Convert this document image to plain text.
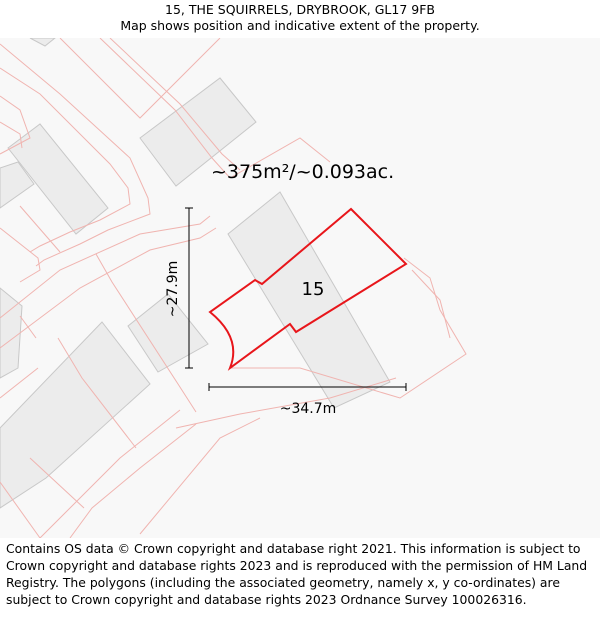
15, THE SQUIRRELS, DRYBROOK, GL17 9FB
Map shows position and indicative extent of the property.
~375m²/~0.093ac.
15
~27.9m
~34.7m
Contains OS data © Crown copyright and database right 2021. This information is subject to Crown copyright and database rights 2023 and is reproduced with the permission of HM Land Registry. The polygons (including the associated geometry, namely x, y co-ordinates) are subject to Crown copyright and database rights 2023 Ordnance Survey 100026316.
